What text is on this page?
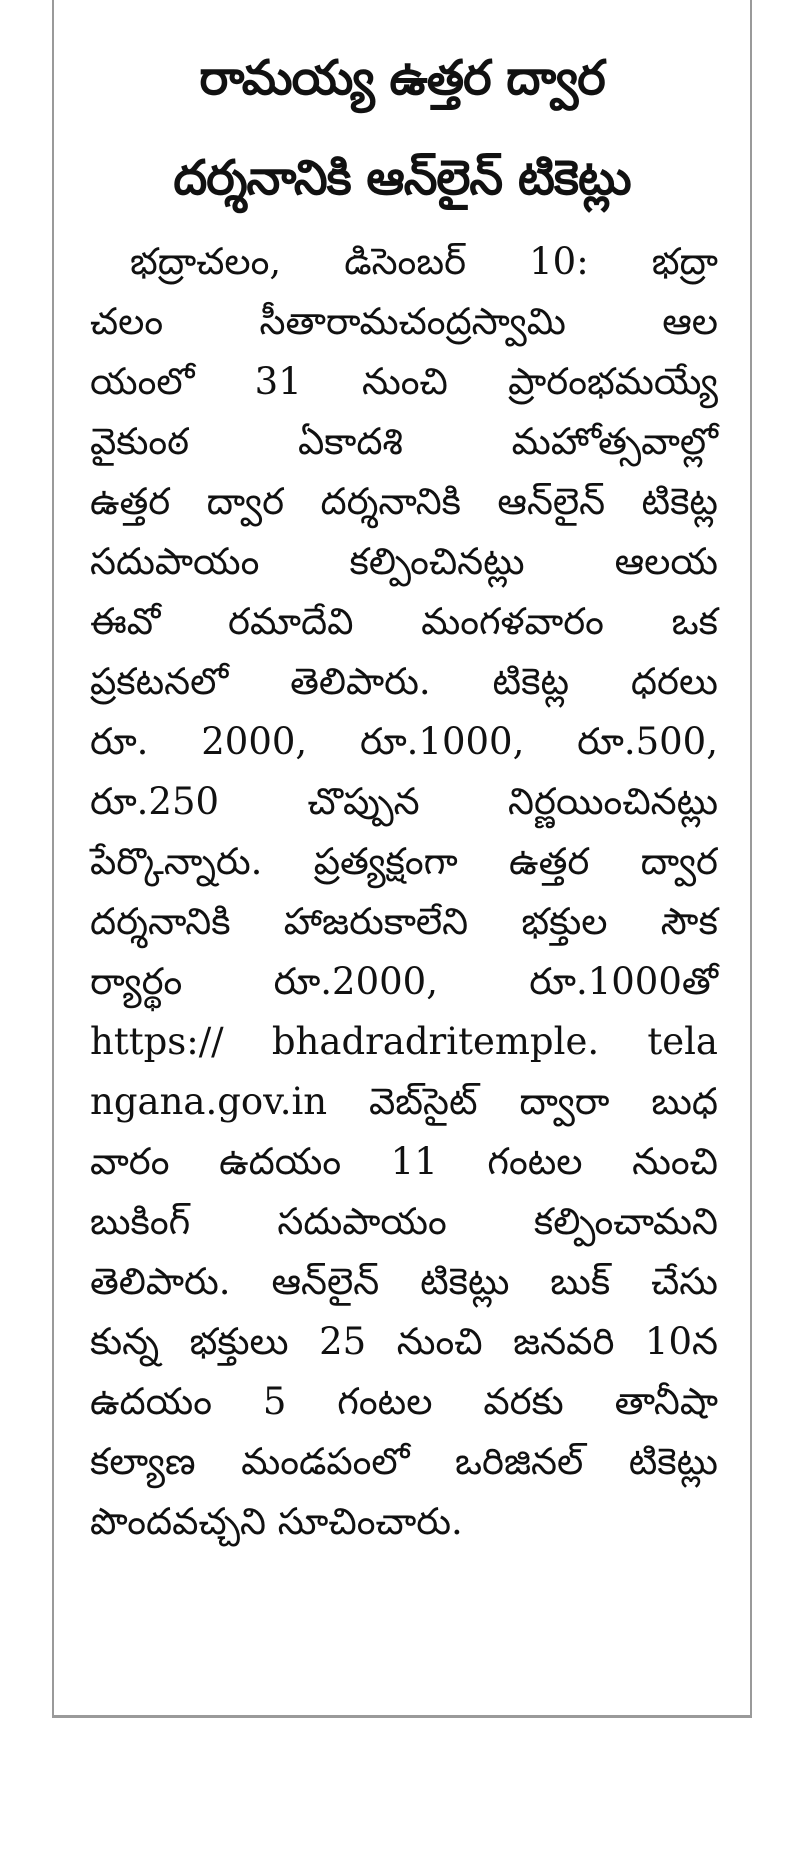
రామయ్య ఉత్తర ద్వార
దర్శనానికి ఆన్‌లైన్ టికెట్లు
భద్రాచలం, డిసెంబర్ 10: భద్రా
చలం సీతారామచంద్రస్వామి ఆల
యంలో 31 నుంచి ప్రారంభమయ్యే
వైకుంఠ ఏకాదశి మహోత్సవాల్లో
ఉత్తర ద్వార దర్శనానికి ఆన్‌లైన్ టికెట్ల
సదుపాయం కల్పించినట్లు ఆలయ
ఈవో రమాదేవి మంగళవారం ఒక
ప్రకటనలో తెలిపారు. టికెట్ల ధరలు
రూ. 2000, రూ.1000, రూ.500,
రూ.250 చొప్పున నిర్ణయించినట్లు
పేర్కొన్నారు. ప్రత్యక్షంగా ఉత్తర ద్వార
దర్శనానికి హాజరుకాలేని భక్తుల సౌక
ర్యార్థం రూ.2000, రూ.1000తో
https:// bhadradritemple. tela
ngana.gov.in వెబ్‌సైట్ ద్వారా బుధ
వారం ఉదయం 11 గంటల నుంచి
బుకింగ్ సదుపాయం కల్పించామని
తెలిపారు. ఆన్‌లైన్ టికెట్లు బుక్ చేసు
కున్న భక్తులు 25 నుంచి జనవరి 10న
ఉదయం 5 గంటల వరకు తానీషా
కల్యాణ మండపంలో ఒరిజినల్ టికెట్లు
పొందవచ్చని సూచించారు.
